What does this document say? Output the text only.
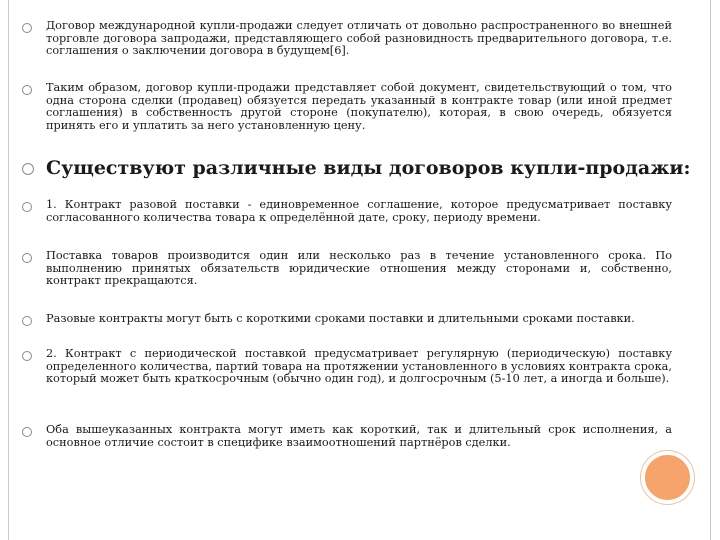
Договор международной купли-продажи следует отличать от довольно распространенного во внешней торговле договора запродажи, представляющего собой разновидность предварительного договора, т.е. соглашения о заключении договора в будущем[6].
Таким образом, договор купли-продажи представляет собой документ, свидетельствующий о том, что одна сторона сделки (продавец) обязуется передать указанный в контракте товар (или иной предмет соглашения) в собственность другой стороне (покупателю), которая, в свою очередь, обязуется принять его и уплатить за него установленную цену.
Существуют различные виды договоров купли-продажи:
1. Контракт разовой поставки - единовременное соглашение, которое предусматривает поставку согласованного количества товара к определённой дате, сроку, периоду времени.
Поставка товаров производится один или несколько раз в течение установленного срока. По выполнению принятых обязательств юридические отношения между сторонами и, собственно, контракт прекращаются.
Разовые контракты могут быть с короткими сроками поставки и длительными сроками поставки.
2. Контракт с периодической поставкой предусматривает регулярную (периодическую) поставку определенного количества, партий товара на протяжении установленного в условиях контракта срока, который может быть краткосрочным (обычно один год), и долгосрочным (5-10 лет, а иногда и больше).
Оба вышеуказанных контракта могут иметь как короткий, так и длительный срок исполнения, а основное отличие состоит в специфике взаимоотношений партнёров сделки.
